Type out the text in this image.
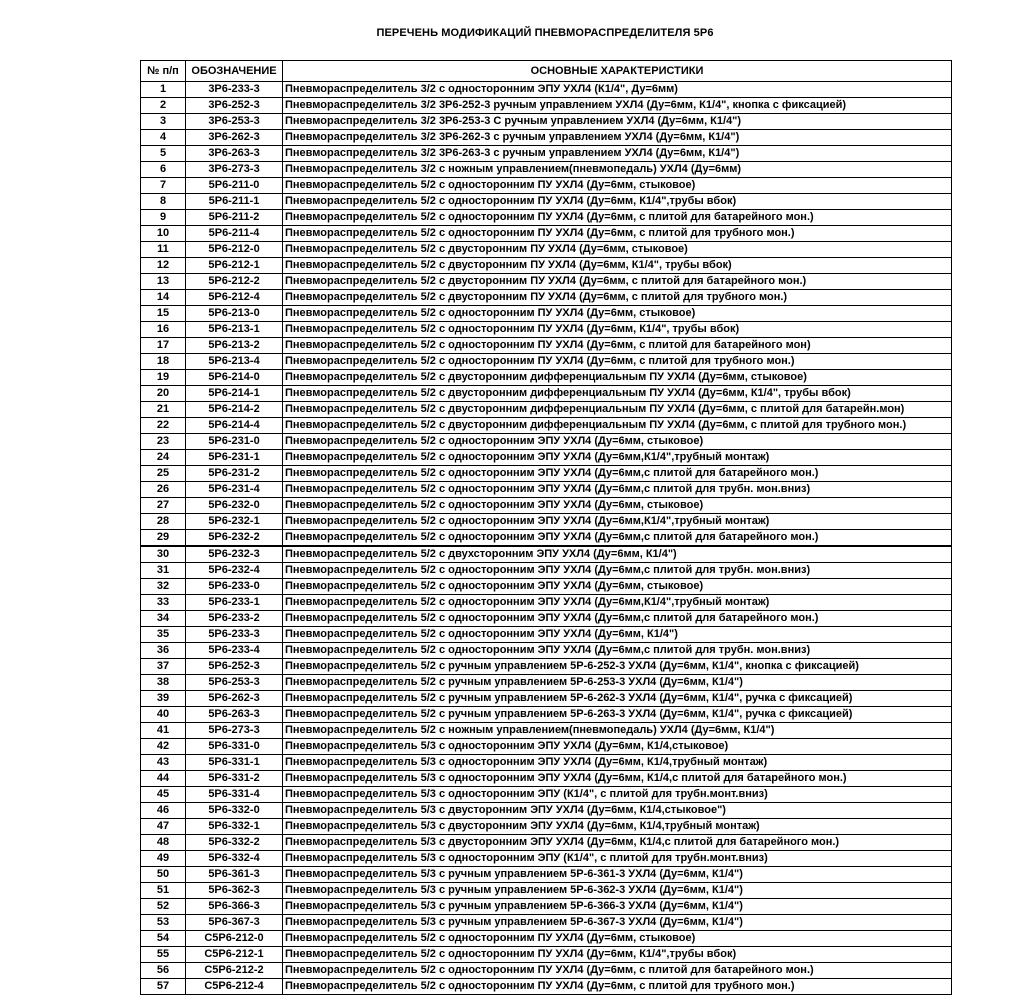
ПЕРЕЧЕНЬ МОДИФИКАЦИЙ ПНЕВМОРАСПРЕДЕЛИТЕЛЯ 5Р6
№ п/п	ОБОЗНАЧЕНИЕ	ОСНОВНЫЕ ХАРАКТЕРИСТИКИ
1	3Р6-233-3	Пневмораспределитель 3/2 с односторонним ЭПУ УХЛ4 (К1/4", Ду=6мм)
2	3Р6-252-3	Пневмораспределитель 3/2 3Р6-252-3 ручным управлением УХЛ4 (Ду=6мм, К1/4", кнопка с фиксацией)
3	3Р6-253-3	Пневмораспределитель 3/2 3Р6-253-3 С ручным управлением УХЛ4 (Ду=6мм, К1/4")
4	3Р6-262-3	Пневмораспределитель 3/2 3Р6-262-3 с ручным управлением УХЛ4 (Ду=6мм, К1/4")
5	3Р6-263-3	Пневмораспределитель 3/2 3Р6-263-3 с ручным управлением УХЛ4 (Ду=6мм, К1/4")
6	3Р6-273-3	Пневмораспределитель 3/2 с ножным управлением(пневмопедаль) УХЛ4 (Ду=6мм)
7	5Р6-211-0	Пневмораспределитель 5/2 с односторонним ПУ УХЛ4 (Ду=6мм, стыковое)
8	5Р6-211-1	Пневмораспределитель 5/2 с односторонним ПУ УХЛ4 (Ду=6мм, К1/4",трубы вбок)
9	5Р6-211-2	Пневмораспределитель 5/2 с односторонним ПУ УХЛ4 (Ду=6мм, с плитой для батарейного мон.)
10	5Р6-211-4	Пневмораспределитель 5/2 с односторонним ПУ УХЛ4 (Ду=6мм, с плитой для трубного мон.)
11	5Р6-212-0	Пневмораспределитель 5/2 с двусторонним ПУ УХЛ4 (Ду=6мм, стыковое)
12	5Р6-212-1	Пневмораспределитель 5/2 с двусторонним ПУ УХЛ4 (Ду=6мм, К1/4", трубы вбок)
13	5Р6-212-2	Пневмораспределитель 5/2 с двусторонним ПУ УХЛ4 (Ду=6мм, с плитой для батарейного мон.)
14	5Р6-212-4	Пневмораспределитель 5/2 с двусторонним ПУ УХЛ4 (Ду=6мм, с плитой для трубного мон.)
15	5Р6-213-0	Пневмораспределитель 5/2 с односторонним ПУ УХЛ4 (Ду=6мм, стыковое)
16	5Р6-213-1	Пневмораспределитель 5/2 с односторонним ПУ УХЛ4 (Ду=6мм, К1/4", трубы вбок)
17	5Р6-213-2	Пневмораспределитель 5/2 с односторонним ПУ УХЛ4 (Ду=6мм, с плитой для батарейного мон)
18	5Р6-213-4	Пневмораспределитель 5/2 с односторонним ПУ УХЛ4 (Ду=6мм, с плитой для трубного мон.)
19	5Р6-214-0	Пневмораспределитель 5/2 с двусторонним дифференциальным ПУ УХЛ4 (Ду=6мм, стыковое)
20	5Р6-214-1	Пневмораспределитель 5/2 с двусторонним дифференциальным ПУ УХЛ4 (Ду=6мм, К1/4", трубы вбок)
21	5Р6-214-2	Пневмораспределитель 5/2 с двусторонним дифференциальным ПУ УХЛ4 (Ду=6мм, с плитой для батарейн.мон)
22	5Р6-214-4	Пневмораспределитель 5/2 с двусторонним дифференциальным ПУ УХЛ4 (Ду=6мм, с плитой для трубного мон.)
23	5Р6-231-0	Пневмораспределитель 5/2 с односторонним ЭПУ УХЛ4 (Ду=6мм, стыковое)
24	5Р6-231-1	Пневмораспределитель 5/2 с односторонним ЭПУ УХЛ4 (Ду=6мм,К1/4",трубный монтаж)
25	5Р6-231-2	Пневмораспределитель 5/2 с односторонним ЭПУ УХЛ4 (Ду=6мм,с плитой для батарейного мон.)
26	5Р6-231-4	Пневмораспределитель 5/2 с односторонним ЭПУ УХЛ4 (Ду=6мм,с плитой для трубн. мон.вниз)
27	5Р6-232-0	Пневмораспределитель 5/2 с односторонним ЭПУ УХЛ4 (Ду=6мм, стыковое)
28	5Р6-232-1	Пневмораспределитель 5/2 с односторонним ЭПУ УХЛ4 (Ду=6мм,К1/4",трубный монтаж)
29	5Р6-232-2	Пневмораспределитель 5/2 с односторонним ЭПУ УХЛ4 (Ду=6мм,с плитой для батарейного мон.)
30	5Р6-232-3	Пневмораспределитель 5/2 с двухсторонним ЭПУ УХЛ4 (Ду=6мм, К1/4")
31	5Р6-232-4	Пневмораспределитель 5/2 с односторонним ЭПУ УХЛ4 (Ду=6мм,с плитой для трубн. мон.вниз)
32	5Р6-233-0	Пневмораспределитель 5/2 с односторонним ЭПУ УХЛ4 (Ду=6мм, стыковое)
33	5Р6-233-1	Пневмораспределитель 5/2 с односторонним ЭПУ УХЛ4 (Ду=6мм,К1/4",трубный монтаж)
34	5Р6-233-2	Пневмораспределитель 5/2 с односторонним ЭПУ УХЛ4 (Ду=6мм,с плитой для батарейного мон.)
35	5Р6-233-3	Пневмораспределитель 5/2 с односторонним ЭПУ УХЛ4 (Ду=6мм, К1/4")
36	5Р6-233-4	Пневмораспределитель 5/2 с односторонним ЭПУ УХЛ4 (Ду=6мм,с плитой для трубн. мон.вниз)
37	5Р6-252-3	Пневмораспределитель 5/2 с ручным управлением 5Р-6-252-3 УХЛ4 (Ду=6мм, К1/4", кнопка с фиксацией)
38	5Р6-253-3	Пневмораспределитель 5/2 с ручным управлением 5Р-6-253-3 УХЛ4 (Ду=6мм, К1/4")
39	5Р6-262-3	Пневмораспределитель 5/2 с ручным управлением 5Р-6-262-3 УХЛ4 (Ду=6мм, К1/4", ручка с фиксацией)
40	5Р6-263-3	Пневмораспределитель 5/2 с ручным управлением 5Р-6-263-3 УХЛ4 (Ду=6мм, К1/4", ручка с фиксацией)
41	5Р6-273-3	Пневмораспределитель 5/2 с ножным управлением(пневмопедаль) УХЛ4 (Ду=6мм, К1/4")
42	5Р6-331-0	Пневмораспределитель 5/3 с односторонним ЭПУ УХЛ4 (Ду=6мм, К1/4,стыковое)
43	5Р6-331-1	Пневмораспределитель 5/3 с односторонним ЭПУ УХЛ4 (Ду=6мм, К1/4,трубный монтаж)
44	5Р6-331-2	Пневмораспределитель 5/3 с односторонним ЭПУ УХЛ4 (Ду=6мм, К1/4,с плитой для батарейного мон.)
45	5Р6-331-4	Пневмораспределитель 5/3 с односторонним ЭПУ (К1/4", с плитой для трубн.монт.вниз)
46	5Р6-332-0	Пневмораспределитель 5/3 с двусторонним ЭПУ УХЛ4 (Ду=6мм, К1/4,стыковое")
47	5Р6-332-1	Пневмораспределитель 5/3 с двусторонним ЭПУ УХЛ4 (Ду=6мм, К1/4,трубный монтаж)
48	5Р6-332-2	Пневмораспределитель 5/3 с двусторонним ЭПУ УХЛ4 (Ду=6мм, К1/4,с плитой для батарейного мон.)
49	5Р6-332-4	Пневмораспределитель 5/3 с односторонним ЭПУ (К1/4", с плитой для трубн.монт.вниз)
50	5Р6-361-3	Пневмораспределитель 5/3 с ручным управлением 5Р-6-361-3 УХЛ4 (Ду=6мм, К1/4")
51	5Р6-362-3	Пневмораспределитель 5/3 с ручным управлением 5Р-6-362-3 УХЛ4 (Ду=6мм, К1/4")
52	5Р6-366-3	Пневмораспределитель 5/3 с ручным управлением 5Р-6-366-3 УХЛ4 (Ду=6мм, К1/4")
53	5Р6-367-3	Пневмораспределитель 5/3 с ручным управлением 5Р-6-367-3 УХЛ4 (Ду=6мм, К1/4")
54	С5Р6-212-0	Пневмораспределитель 5/2 с односторонним ПУ УХЛ4 (Ду=6мм, стыковое)
55	С5Р6-212-1	Пневмораспределитель 5/2 с односторонним ПУ УХЛ4 (Ду=6мм, К1/4",трубы вбок)
56	С5Р6-212-2	Пневмораспределитель 5/2 с односторонним ПУ УХЛ4 (Ду=6мм, с плитой для батарейного мон.)
57	С5Р6-212-4	Пневмораспределитель 5/2 с односторонним ПУ УХЛ4 (Ду=6мм, с плитой для трубного мон.)
